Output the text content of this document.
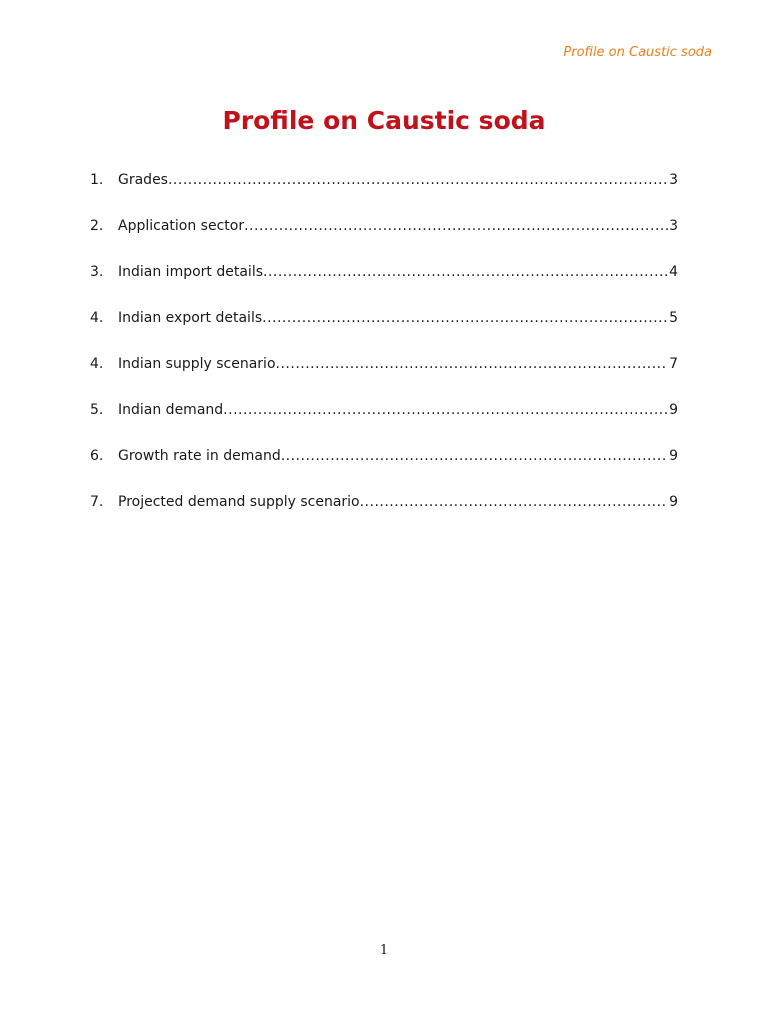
Profile on Caustic soda
Profile on Caustic soda
1.	Grades .....	3
2.	Application sector .....	3
3.	Indian import details .....	4
4.	Indian export details .....	5
4.	Indian supply scenario .....	7
5.	Indian demand .....	9
6.	Growth rate in demand .....	9
7.	Projected demand supply scenario .....	9
1
